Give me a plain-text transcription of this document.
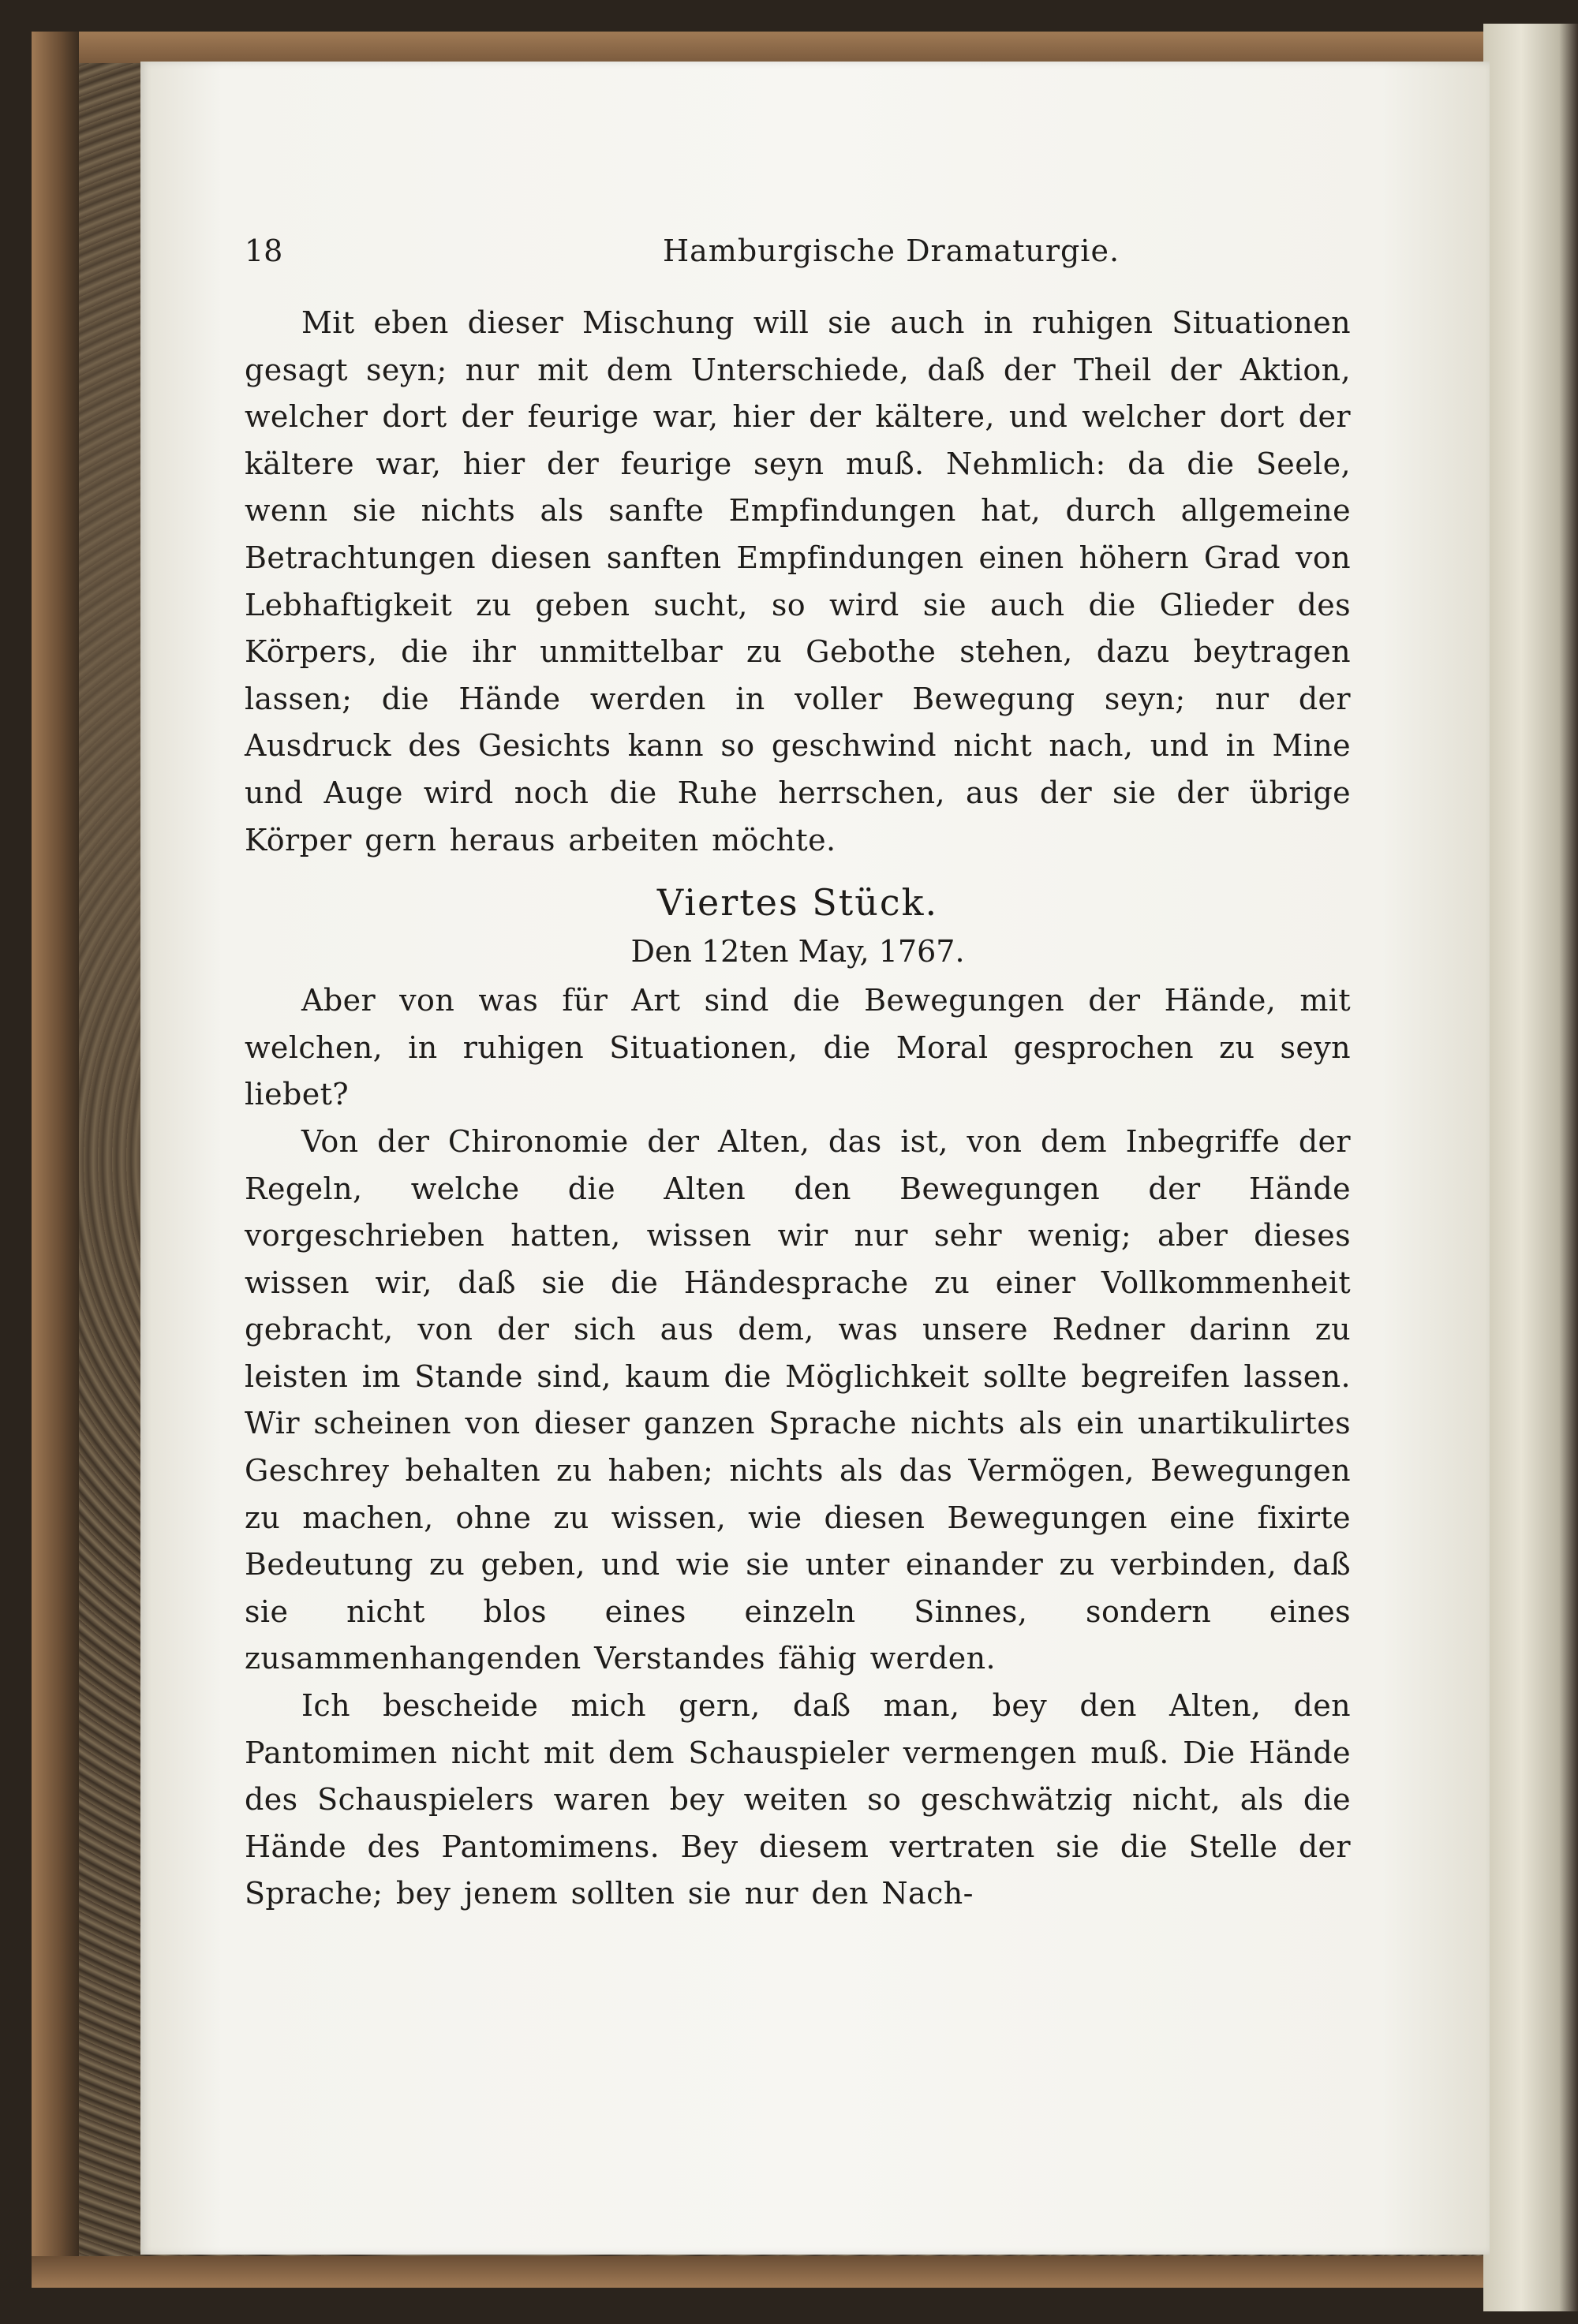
18	Hamburgische Dramaturgie.

Mit eben dieser Mischung will sie auch in ruhigen Situationen gesagt seyn; nur mit dem Unterschiede, daß der Theil der Aktion, welcher dort der feurige war, hier der kältere, und welcher dort der kältere war, hier der feurige seyn muß. Nehmlich: da die Seele, wenn sie nichts als sanfte Empfindungen hat, durch allgemeine Betrachtungen diesen sanften Empfindungen einen höhern Grad von Lebhaftigkeit zu geben sucht, so wird sie auch die Glieder des Körpers, die ihr unmittelbar zu Gebothe stehen, dazu beytragen lassen; die Hände werden in voller Bewegung seyn; nur der Ausdruck des Gesichts kann so geschwind nicht nach, und in Mine und Auge wird noch die Ruhe herrschen, aus der sie der übrige Körper gern heraus arbeiten möchte.

Viertes Stück.
Den 12ten May, 1767.

Aber von was für Art sind die Bewegungen der Hände, mit welchen, in ruhigen Situationen, die Moral gesprochen zu seyn liebet?

Von der Chironomie der Alten, das ist, von dem Inbegriffe der Regeln, welche die Alten den Bewegungen der Hände vorgeschrieben hatten, wissen wir nur sehr wenig; aber dieses wissen wir, daß sie die Händesprache zu einer Vollkommenheit gebracht, von der sich aus dem, was unsere Redner darinn zu leisten im Stande sind, kaum die Möglichkeit sollte begreifen lassen. Wir scheinen von dieser ganzen Sprache nichts als ein unartikulirtes Geschrey behalten zu haben; nichts als das Vermögen, Bewegungen zu machen, ohne zu wissen, wie diesen Bewegungen eine fixirte Bedeutung zu geben, und wie sie unter einander zu verbinden, daß sie nicht blos eines einzeln Sinnes, sondern eines zusammenhangenden Verstandes fähig werden.

Ich bescheide mich gern, daß man, bey den Alten, den Pantomimen nicht mit dem Schauspieler vermengen muß. Die Hände des Schauspielers waren bey weiten so geschwätzig nicht, als die Hände des Pantomimens. Bey diesem vertraten sie die Stelle der Sprache; bey jenem sollten sie nur den Nach-
